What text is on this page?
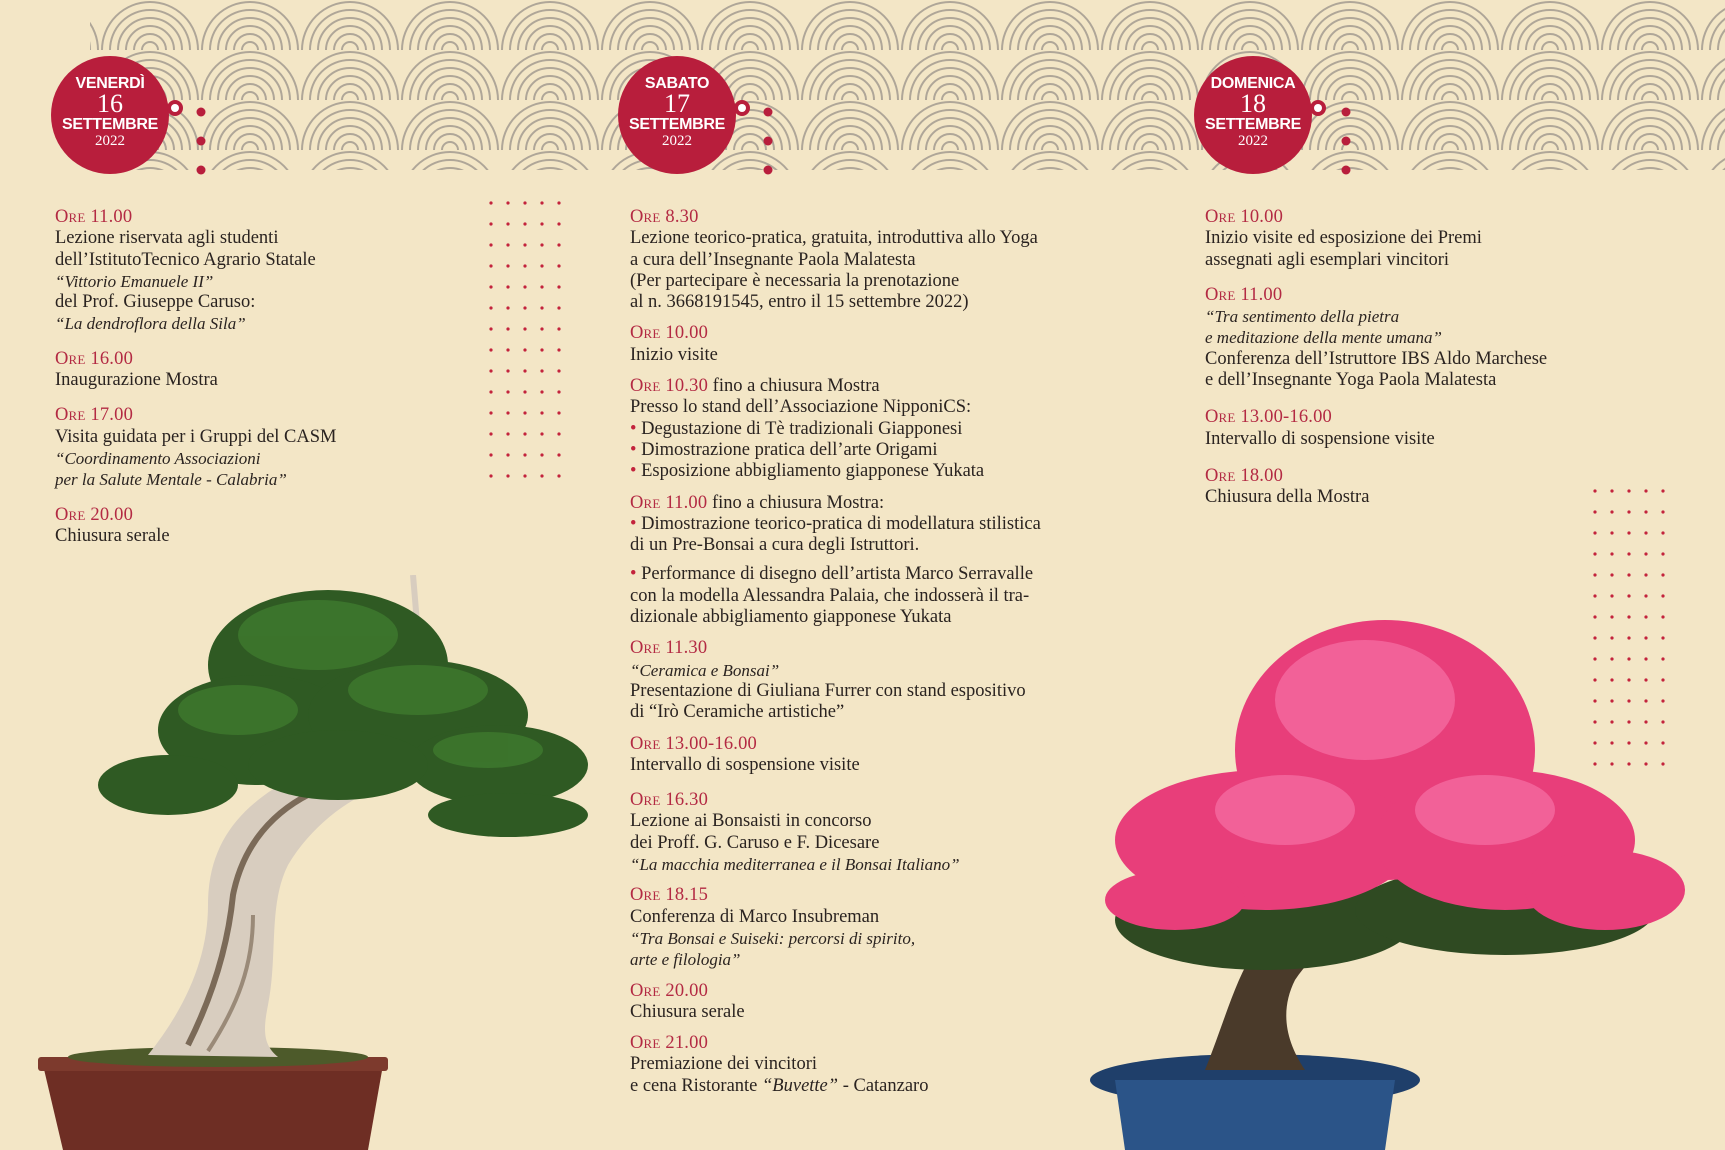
VENERDÌ
16
SETTEMBRE
2022
SABATO
17
SETTEMBRE
2022
DOMENICA
18
SETTEMBRE
2022
Ore 11.00
Lezione riservata agli studenti
dell’IstitutoTecnico Agrario Statale
“Vittorio Emanuele II”
del Prof. Giuseppe Caruso:
“La dendroflora della Sila”
Ore 16.00
Inaugurazione Mostra
Ore 17.00
Visita guidata per i Gruppi del CASM
“Coordinamento Associazioni
per la Salute Mentale - Calabria”
Ore 20.00
Chiusura serale
Ore 8.30
Lezione teorico-pratica, gratuita, introduttiva allo Yoga
a cura dell’Insegnante Paola Malatesta
(Per partecipare è necessaria la prenotazione
al n. 3668191545, entro il 15 settembre 2022)
Ore 10.00
Inizio visite
Ore 10.30 fino a chiusura Mostra
Presso lo stand dell’Associazione NipponiCS:
• Degustazione di Tè tradizionali Giapponesi
• Dimostrazione pratica dell’arte Origami
• Esposizione abbigliamento giapponese Yukata
Ore 11.00 fino a chiusura Mostra:
• Dimostrazione teorico-pratica di modellatura stilistica
di un Pre-Bonsai a cura degli Istruttori.
• Performance di disegno dell’artista Marco Serravalle
con la modella Alessandra Palaia, che indosserà il tra-
dizionale abbigliamento giapponese Yukata
Ore 11.30
“Ceramica e Bonsai”
Presentazione di Giuliana Furrer con stand espositivo
di “Irò Ceramiche artistiche”
Ore 13.00-16.00
Intervallo di sospensione visite
Ore 16.30
Lezione ai Bonsaisti in concorso
dei Proff. G. Caruso e F. Dicesare
“La macchia mediterranea e il Bonsai Italiano”
Ore 18.15
Conferenza di Marco Insubreman
“Tra Bonsai e Suiseki: percorsi di spirito,
arte e filologia”
Ore 20.00
Chiusura serale
Ore 21.00
Premiazione dei vincitori
e cena Ristorante “Buvette” - Catanzaro
Ore 10.00
Inizio visite ed esposizione dei Premi
assegnati agli esemplari vincitori
Ore 11.00
“Tra sentimento della pietra
e meditazione della mente umana”
Conferenza dell’Istruttore IBS Aldo Marchese
e dell’Insegnante Yoga Paola Malatesta
Ore 13.00-16.00
Intervallo di sospensione visite
Ore 18.00
Chiusura della Mostra
